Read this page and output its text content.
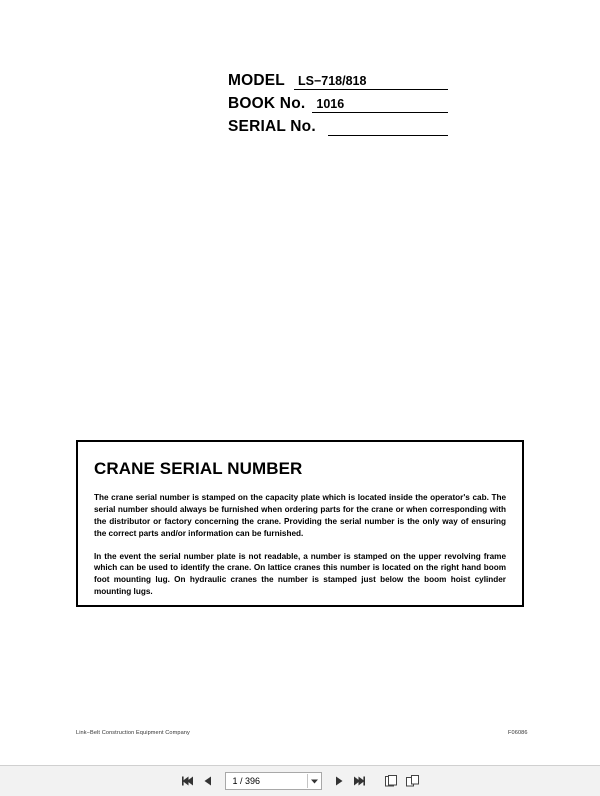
MODEL LS−718/818
BOOK No. 1016
SERIAL No.
CRANE SERIAL NUMBER

The crane serial number is stamped on the capacity plate which is located inside the operator's cab. The serial number should always be furnished when ordering parts for the crane or when corresponding with the distributor or factory concerning the crane. Providing the serial number is the only way of ensuring the correct parts and/or information can be furnished.

In the event the serial number plate is not readable, a number is stamped on the upper revolving frame which can be used to identify the crane. On lattice cranes this number is located on the right hand boom foot mounting lug. On hydraulic cranes the number is stamped just below the boom hoist cylinder mounting lugs.

Link−Belt Construction Equipment Company	F06086
1 / 396
